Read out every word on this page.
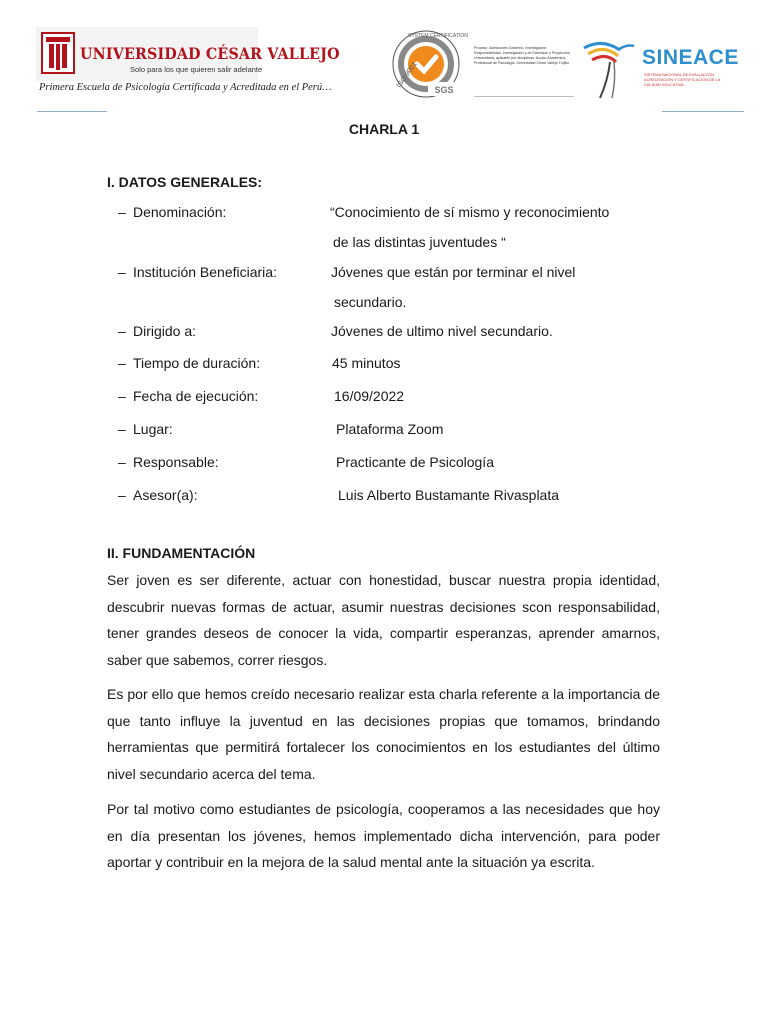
UNIVERSIDAD CÉSAR VALLEJO
Solo para los que quieren salir adelante
Primera Escuela de Psicología Certificada y Acreditada en el Perú…	SGS
ISO 9001
SYSTEM CERTIFICATION
Proceso: Admisiones Gobierno, Investigación Responsabilidad, Investigación y de Extensión y Proyección Universitaria, aplicable por disciplinas: Acción Académica, Profesional de Psicología, Universidad César Vallejo Trujillo	SINEACE
SISTEMA NACIONAL DE EVALUACIÓN, ACREDITACIÓN Y CERTIFICACIÓN DE LA CALIDAD EDUCATIVA
CHARLA 1
I. DATOS GENERALES:
– Denominación:	“Conocimiento de sí mismo y reconocimiento
de las distintas juventudes “
– Institución Beneficiaria:	Jóvenes que están por terminar el nivel
secundario.
– Dirigido a:	Jóvenes de ultimo nivel secundario.
– Tiempo de duración:	45 minutos
– Fecha de ejecución:	16/09/2022
– Lugar:	Plataforma Zoom
– Responsable:	Practicante de Psicología
– Asesor(a):	Luis Alberto Bustamante Rivasplata
II. FUNDAMENTACIÓN

Ser joven es ser diferente, actuar con honestidad, buscar nuestra propia identidad, descubrir nuevas formas de actuar, asumir nuestras decisiones scon responsabilidad, tener grandes deseos de conocer la vida, compartir esperanzas, aprender amarnos, saber que sabemos, correr riesgos.

Es por ello que hemos creído necesario realizar esta charla referente a la importancia de que tanto influye la juventud en las decisiones propias que tomamos, brindando herramientas que permitirá fortalecer los conocimientos en los estudiantes del último nivel secundario acerca del tema.

Por tal motivo como estudiantes de psicología, cooperamos a las necesidades que hoy en día presentan los jóvenes, hemos implementado dicha intervención, para poder aportar y contribuir en la mejora de la salud mental ante la situación ya escrita.
